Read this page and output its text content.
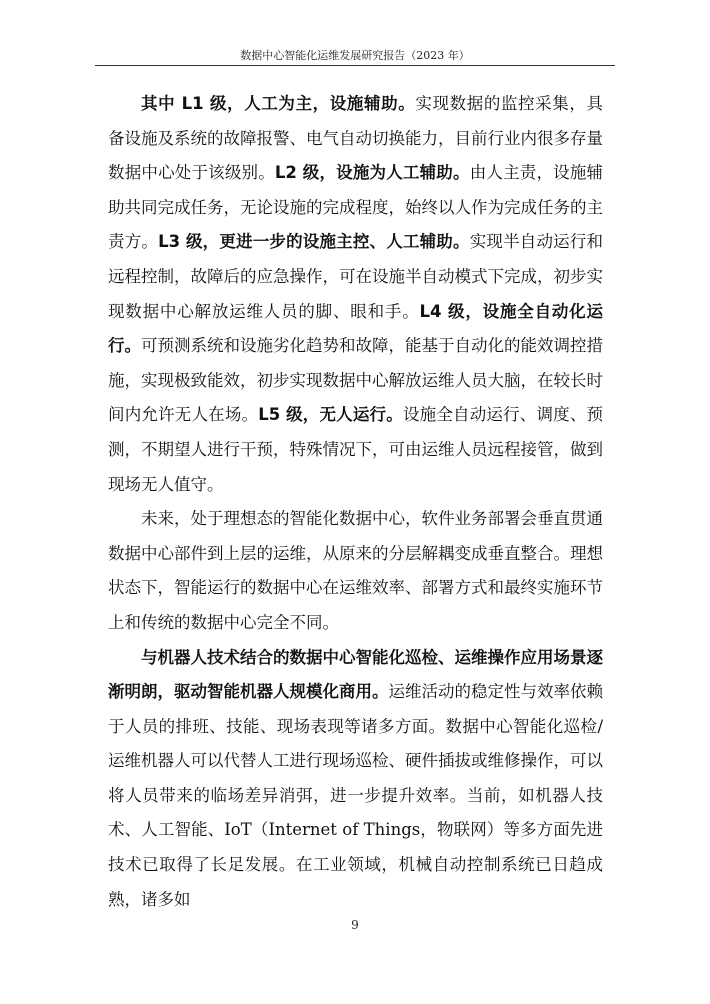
数据中心智能化运维发展研究报告（2023 年）

其中 L1 级，人工为主，设施辅助。实现数据的监控采集，具备设施及系统的故障报警、电气自动切换能力，目前行业内很多存量数据中心处于该级别。L2 级，设施为人工辅助。由人主责，设施辅助共同完成任务，无论设施的完成程度，始终以人作为完成任务的主责方。L3 级，更进一步的设施主控、人工辅助。实现半自动运行和远程控制，故障后的应急操作，可在设施半自动模式下完成，初步实现数据中心解放运维人员的脚、眼和手。L4 级，设施全自动化运行。可预测系统和设施劣化趋势和故障，能基于自动化的能效调控措施，实现极致能效，初步实现数据中心解放运维人员大脑，在较长时间内允许无人在场。L5 级，无人运行。设施全自动运行、调度、预测，不期望人进行干预，特殊情况下，可由运维人员远程接管，做到现场无人值守。

未来，处于理想态的智能化数据中心，软件业务部署会垂直贯通数据中心部件到上层的运维，从原来的分层解耦变成垂直整合。理想状态下，智能运行的数据中心在运维效率、部署方式和最终实施环节上和传统的数据中心完全不同。

与机器人技术结合的数据中心智能化巡检、运维操作应用场景逐渐明朗，驱动智能机器人规模化商用。运维活动的稳定性与效率依赖于人员的排班、技能、现场表现等诸多方面。数据中心智能化巡检/运维机器人可以代替人工进行现场巡检、硬件插拔或维修操作，可以将人员带来的临场差异消弭，进一步提升效率。当前，如机器人技术、人工智能、IoT（Internet of Things，物联网）等多方面先进技术已取得了长足发展。在工业领域，机械自动控制系统已日趋成熟，诸多如

9
